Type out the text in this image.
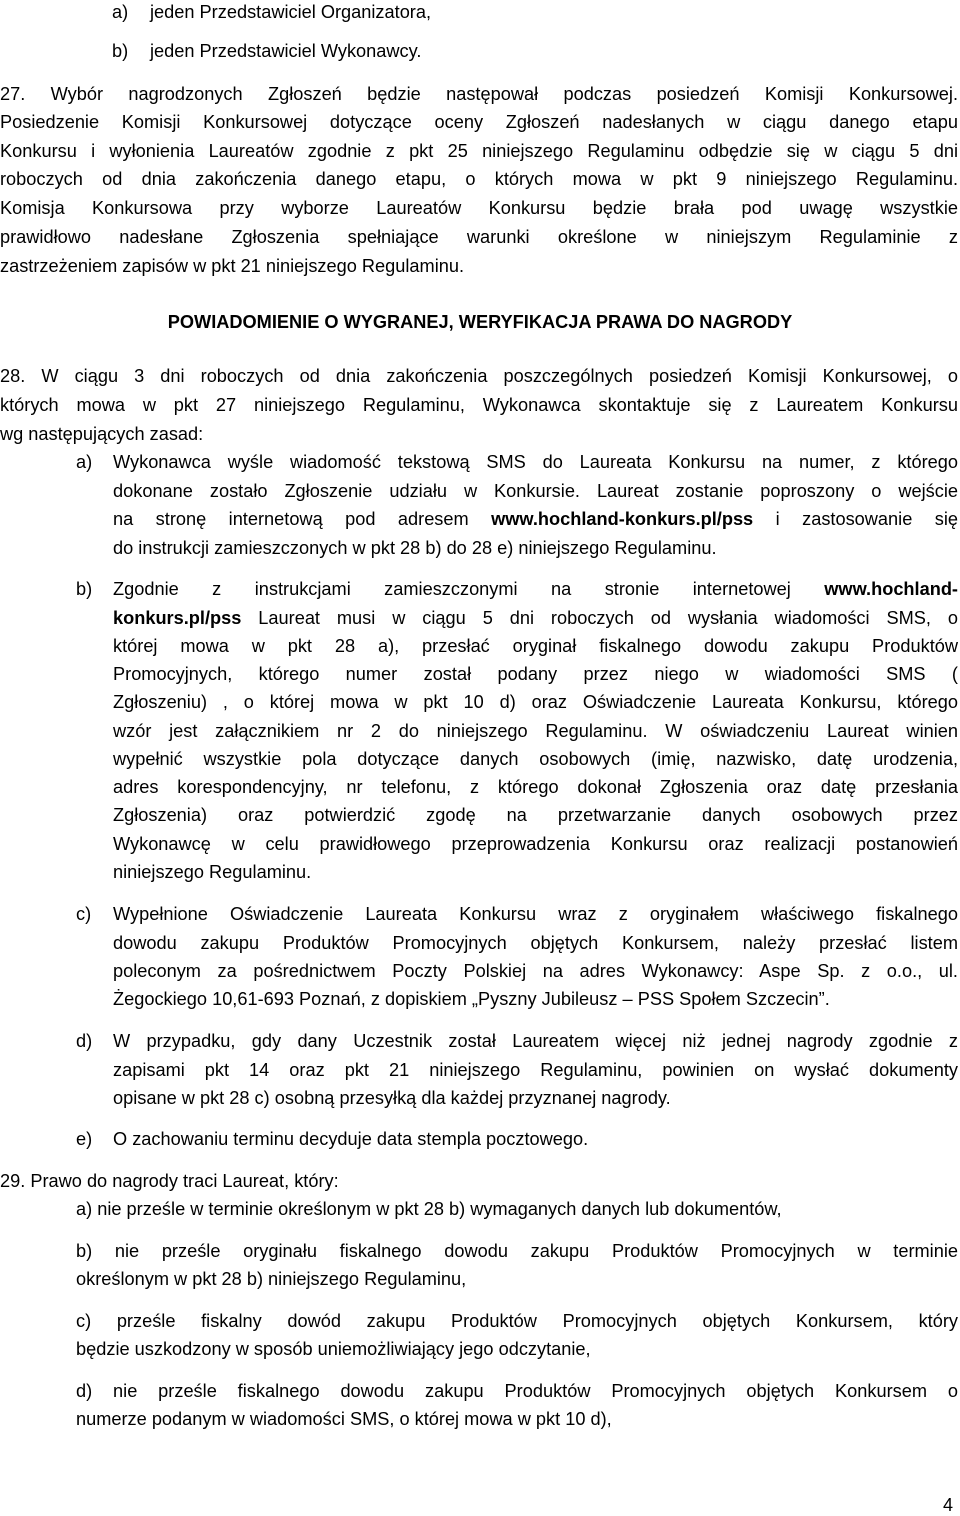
a) jeden Przedstawiciel Organizatora,
b) jeden Przedstawiciel Wykonawcy.
27. Wybór nagrodzonych Zgłoszeń będzie następował podczas posiedzeń Komisji Konkursowej.
Posiedzenie Komisji Konkursowej dotyczące oceny Zgłoszeń nadesłanych w ciągu danego etapu
Konkursu i wyłonienia Laureatów zgodnie z pkt 25 niniejszego Regulaminu odbędzie się w ciągu 5 dni
roboczych od dnia zakończenia danego etapu, o których mowa w pkt 9 niniejszego Regulaminu.
Komisja Konkursowa przy wyborze Laureatów Konkursu będzie brała pod uwagę wszystkie
prawidłowo nadesłane Zgłoszenia spełniające warunki określone w niniejszym Regulaminie z
zastrzeżeniem zapisów w pkt 21 niniejszego Regulaminu.
POWIADOMIENIE O WYGRANEJ, WERYFIKACJA PRAWA DO NAGRODY
28. W ciągu 3 dni roboczych od dnia zakończenia poszczególnych posiedzeń Komisji Konkursowej, o
których mowa w pkt 27 niniejszego Regulaminu, Wykonawca skontaktuje się z Laureatem Konkursu
wg następujących zasad:
a) Wykonawca wyśle wiadomość tekstową SMS do Laureata Konkursu na numer, z którego
dokonane zostało Zgłoszenie udziału w Konkursie. Laureat zostanie poproszony o wejście
na stronę internetową pod adresem www.hochland-konkurs.pl/pss i zastosowanie się
do instrukcji zamieszczonych w pkt 28 b) do 28 e) niniejszego Regulaminu.
b) Zgodnie z instrukcjami zamieszczonymi na stronie internetowej www.hochland-
konkurs.pl/pss Laureat musi w ciągu 5 dni roboczych od wysłania wiadomości SMS, o
której mowa w pkt 28 a), przesłać oryginał fiskalnego dowodu zakupu Produktów
Promocyjnych, którego numer został podany przez niego w wiadomości SMS (
Zgłoszeniu) , o której mowa w pkt 10 d) oraz Oświadczenie Laureata Konkursu, którego
wzór jest załącznikiem nr 2 do niniejszego Regulaminu. W oświadczeniu Laureat winien
wypełnić wszystkie pola dotyczące danych osobowych (imię, nazwisko, datę urodzenia,
adres korespondencyjny, nr telefonu, z którego dokonał Zgłoszenia oraz datę przesłania
Zgłoszenia) oraz potwierdzić zgodę na przetwarzanie danych osobowych przez
Wykonawcę w celu prawidłowego przeprowadzenia Konkursu oraz realizacji postanowień
niniejszego Regulaminu.
c) Wypełnione Oświadczenie Laureata Konkursu wraz z oryginałem właściwego fiskalnego
dowodu zakupu Produktów Promocyjnych objętych Konkursem, należy przesłać listem
poleconym za pośrednictwem Poczty Polskiej na adres Wykonawcy: Aspe Sp. z o.o., ul.
Żegockiego 10,61-693 Poznań, z dopiskiem „Pyszny Jubileusz – PSS Społem Szczecin”.
d) W przypadku, gdy dany Uczestnik został Laureatem więcej niż jednej nagrody zgodnie z
zapisami pkt 14 oraz pkt 21 niniejszego Regulaminu, powinien on wysłać dokumenty
opisane w pkt 28 c) osobną przesyłką dla każdej przyznanej nagrody.
e) O zachowaniu terminu decyduje data stempla pocztowego.
29. Prawo do nagrody traci Laureat, który:
a) nie prześle w terminie określonym w pkt 28 b) wymaganych danych lub dokumentów,
b) nie prześle oryginału fiskalnego dowodu zakupu Produktów Promocyjnych w terminie
określonym w pkt 28 b) niniejszego Regulaminu,
c) prześle fiskalny dowód zakupu Produktów Promocyjnych objętych Konkursem, który
będzie uszkodzony w sposób uniemożliwiający jego odczytanie,
d) nie prześle fiskalnego dowodu zakupu Produktów Promocyjnych objętych Konkursem o
numerze podanym w wiadomości SMS, o której mowa w pkt 10 d),
4
